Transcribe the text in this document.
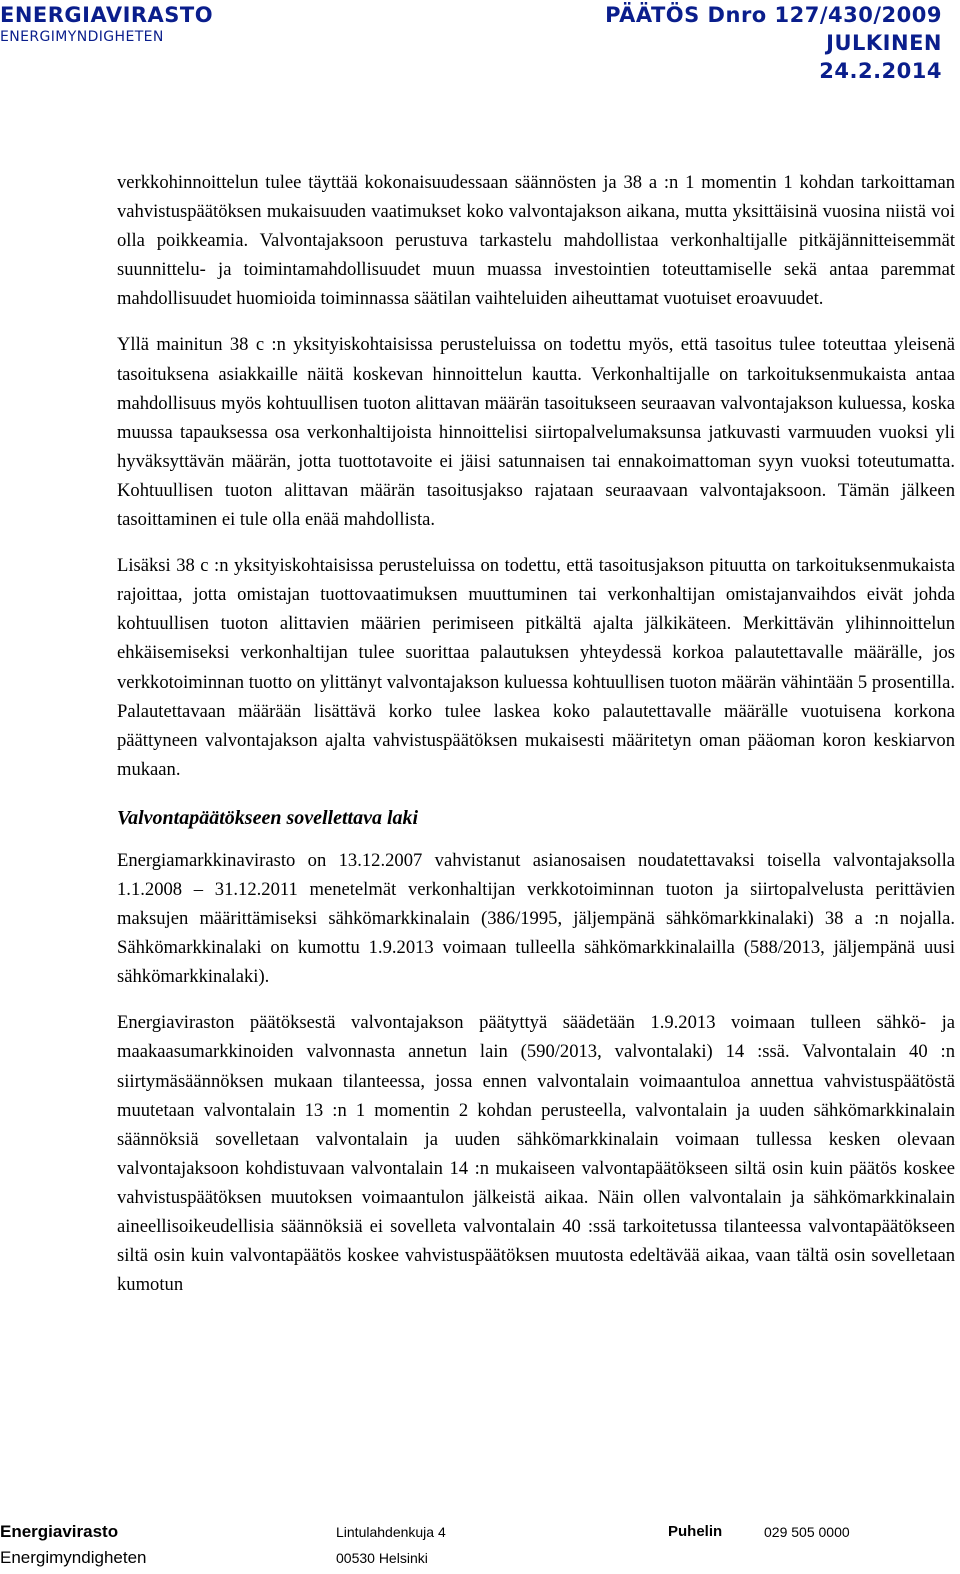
ENERGIAVIRASTO
ENERGIMYNDIGHETEN
PÄÄTÖS Dnro 127/430/2009
JULKINEN
24.2.2014

verkkohinnoittelun tulee täyttää kokonaisuudessaan säännösten ja 38 a :n 1 momentin 1 kohdan tarkoittaman vahvistuspäätöksen mukaisuuden vaatimukset koko valvontajakson aikana, mutta yksittäisinä vuosina niistä voi olla poikkeamia. Valvontajaksoon perustuva tarkastelu mahdollistaa verkonhaltijalle pitkäjännitteisemmät suunnittelu- ja toimintamahdollisuudet muun muassa investointien toteuttamiselle sekä antaa paremmat mahdollisuudet huomioida toiminnassa säätilan vaihteluiden aiheuttamat vuotuiset eroavuudet.

Yllä mainitun 38 c :n yksityiskohtaisissa perusteluissa on todettu myös, että tasoitus tulee toteuttaa yleisenä tasoituksena asiakkaille näitä koskevan hinnoittelun kautta. Verkonhaltijalle on tarkoituksenmukaista antaa mahdollisuus myös kohtuullisen tuoton alittavan määrän tasoitukseen seuraavan valvontajakson kuluessa, koska muussa tapauksessa osa verkonhaltijoista hinnoittelisi siirtopalvelumaksunsa jatkuvasti varmuuden vuoksi yli hyväksyttävän määrän, jotta tuottotavoite ei jäisi satunnaisen tai ennakoimattoman syyn vuoksi toteutumatta. Kohtuullisen tuoton alittavan määrän tasoitusjakso rajataan seuraavaan valvontajaksoon. Tämän jälkeen tasoittaminen ei tule olla enää mahdollista.

Lisäksi 38 c :n yksityiskohtaisissa perusteluissa on todettu, että tasoitusjakson pituutta on tarkoituksenmukaista rajoittaa, jotta omistajan tuottovaatimuksen muuttuminen tai verkonhaltijan omistajanvaihdos eivät johda kohtuullisen tuoton alittavien määrien perimiseen pitkältä ajalta jälkikäteen. Merkittävän ylihinnoittelun ehkäisemiseksi verkonhaltijan tulee suorittaa palautuksen yhteydessä korkoa palautettavalle määrälle, jos verkkotoiminnan tuotto on ylittänyt valvontajakson kuluessa kohtuullisen tuoton määrän vähintään 5 prosentilla. Palautettavaan määrään lisättävä korko tulee laskea koko palautettavalle määrälle vuotuisena korkona päättyneen valvontajakson ajalta vahvistuspäätöksen mukaisesti määritetyn oman pääoman koron keskiarvon mukaan.

Valvontapäätökseen sovellettava laki

Energiamarkkinavirasto on 13.12.2007 vahvistanut asianosaisen noudatettavaksi toisella valvontajaksolla 1.1.2008 – 31.12.2011 menetelmät verkonhaltijan verkkotoiminnan tuoton ja siirtopalvelusta perittävien maksujen määrittämiseksi sähkömarkkinalain (386/1995, jäljempänä sähkömarkkinalaki) 38 a :n nojalla. Sähkömarkkinalaki on kumottu 1.9.2013 voimaan tulleella sähkömarkkinalailla (588/2013, jäljempänä uusi sähkömarkkinalaki).

Energiaviraston päätöksestä valvontajakson päätyttyä säädetään 1.9.2013 voimaan tulleen sähkö- ja maakaasumarkkinoiden valvonnasta annetun lain (590/2013, valvontalaki) 14 :ssä. Valvontalain 40 :n siirtymäsäännöksen mukaan tilanteessa, jossa ennen valvontalain voimaantuloa annettua vahvistuspäätöstä muutetaan valvontalain 13 :n 1 momentin 2 kohdan perusteella, valvontalain ja uuden sähkömarkkinalain säännöksiä sovelletaan valvontalain ja uuden sähkömarkkinalain voimaan tullessa kesken olevaan valvontajaksoon kohdistuvaan valvontalain 14 :n mukaiseen valvontapäätökseen siltä osin kuin päätös koskee vahvistuspäätöksen muutoksen voimaantulon jälkeistä aikaa. Näin ollen valvontalain ja sähkömarkkinalain aineellisoikeudellisia säännöksiä ei sovelleta valvontalain 40 :ssä tarkoitetussa tilanteessa valvontapäätökseen siltä osin kuin valvontapäätös koskee vahvistuspäätöksen muutosta edeltävää aikaa, vaan tältä osin sovelletaan kumotun

Energiavirasto
Energimyndigheten
Lintulahdenkuja 4
00530 Helsinki
Puhelin	029 505 0000
